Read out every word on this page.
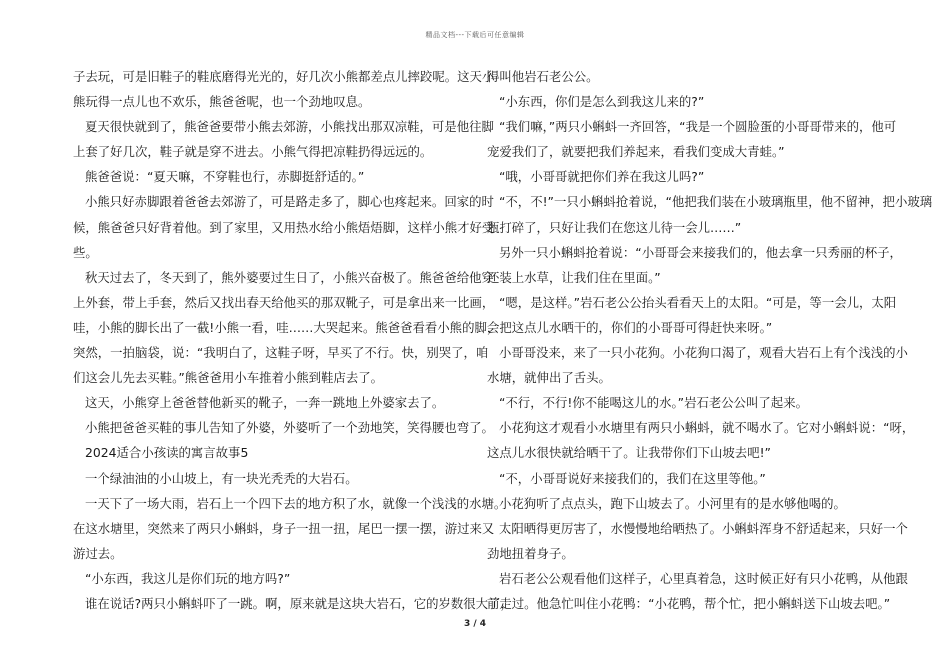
精品文档---下载后可任意编辑

子去玩，可是旧鞋子的鞋底磨得光光的，好几次小熊都差点儿摔跤呢。这天小

熊玩得一点儿也不欢乐，熊爸爸呢，也一个劲地叹息。

夏天很快就到了，熊爸爸要带小熊去郊游，小熊找出那双凉鞋，可是他往脚

上套了好几次，鞋子就是穿不进去。小熊气得把凉鞋扔得远远的。

熊爸爸说：“夏天嘛，不穿鞋也行，赤脚挺舒适的。”

小熊只好赤脚跟着爸爸去郊游了，可是路走多了，脚心也疼起来。回家的时

候，熊爸爸只好背着他。到了家里，又用热水给小熊焐焐脚，这样小熊才好受

些。

秋天过去了，冬天到了，熊外婆要过生日了，小熊兴奋极了。熊爸爸给他穿

上外套，带上手套，然后又找出春天给他买的那双靴子，可是拿出来一比画，

哇，小熊的脚长出了一截!小熊一看，哇……大哭起来。熊爸爸看看小熊的脚，

突然，一拍脑袋，说：“我明白了，这鞋子呀，早买了不行。快，别哭了，咱

们这会儿先去买鞋。”熊爸爸用小车推着小熊到鞋店去了。

这天，小熊穿上爸爸替他新买的靴子，一奔一跳地上外婆家去了。

小熊把爸爸买鞋的事儿告知了外婆，外婆听了一个劲地笑，笑得腰也弯了。

2024适合小孩读的寓言故事5

一个绿油油的小山坡上，有一块光秃秃的大岩石。

一天下了一场大雨，岩石上一个四下去的地方积了水，就像一个浅浅的水塘。

在这水塘里，突然来了两只小蝌蚪，身子一扭一扭，尾巴一摆一摆，游过来又

游过去。

“小东西，我这儿是你们玩的地方吗?”

谁在说话?两只小蝌蚪吓了一跳。啊，原来就是这块大岩石，它的岁数很大了，

得叫他岩石老公公。

“小东西，你们是怎么到我这儿来的?”

“我们嘛，”两只小蝌蚪一齐回答，“我是一个圆脸蛋的小哥哥带来的，他可

宠爱我们了，就要把我们养起来，看我们变成大青蛙。”

“哦，小哥哥就把你们养在我这儿吗?”

“不，不!”一只小蝌蚪抢着说，“他把我们装在小玻璃瓶里，他不留神，把小玻璃

瓶打碎了，只好让我们在您这儿待一会儿……”

另外一只小蝌蚪抢着说：“小哥哥会来接我们的，他去拿一只秀丽的杯子，

还装上水草，让我们住在里面。”

“嗯，是这样。”岩石老公公抬头看看天上的太阳。“可是，等一会儿，太阳

会把这点儿水晒干的，你们的小哥哥可得赶快来呀。”

小哥哥没来，来了一只小花狗。小花狗口渴了，观看大岩石上有个浅浅的小

水塘，就伸出了舌头。

“不行，不行!你不能喝这儿的水。”岩石老公公叫了起来。

小花狗这才观看小水塘里有两只小蝌蚪，就不喝水了。它对小蝌蚪说：“呀，

这点儿水很快就给晒干了。让我带你们下山坡去吧!”

“不，小哥哥说好来接我们的，我们在这里等他。”

小花狗听了点点头，跑下山坡去了。小河里有的是水够他喝的。

太阳晒得更厉害了，水慢慢地给晒热了。小蝌蚪浑身不舒适起来，只好一个

劲地扭着身子。

岩石老公公观看他们这样子，心里真着急，这时候正好有只小花鸭，从他跟

前走过。他急忙叫住小花鸭：“小花鸭，帮个忙，把小蝌蚪送下山坡去吧。”

3 / 4
